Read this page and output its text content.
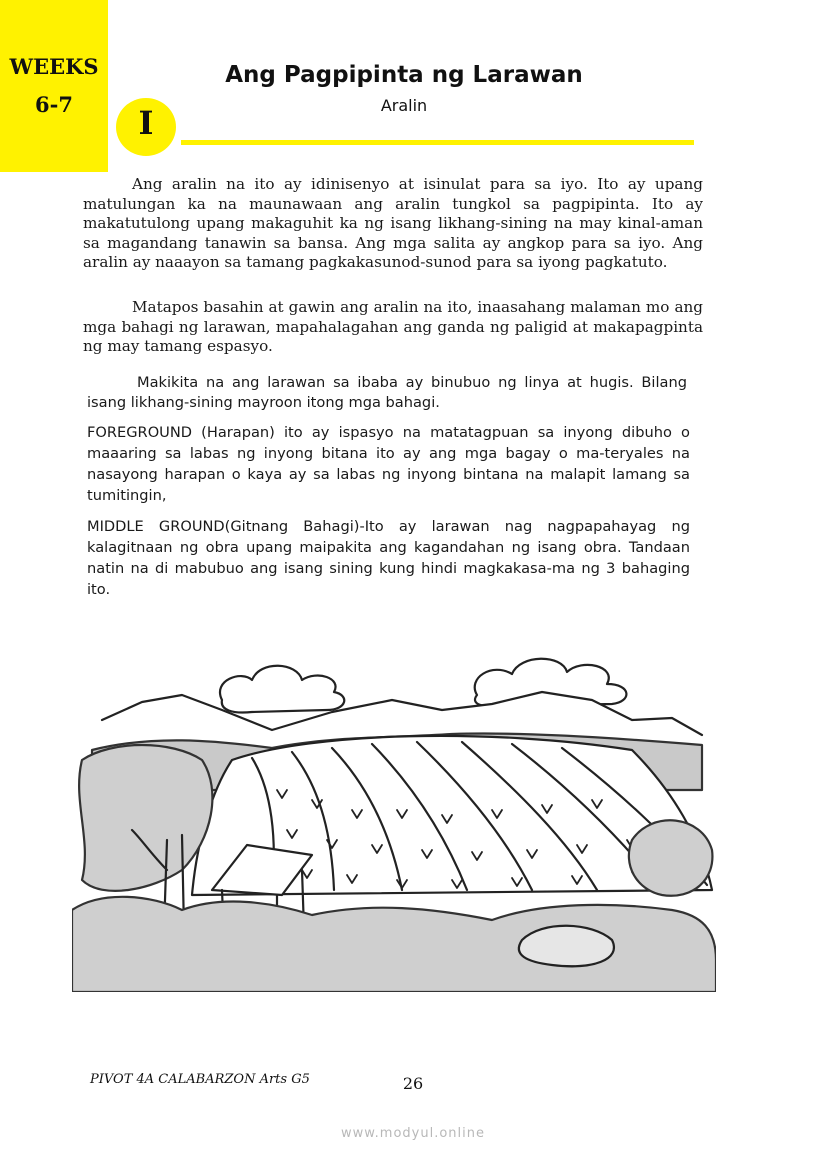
WEEKS
6-7	I
Ang Pagpipinta ng Larawan
Aralin

Ang aralin na ito ay idinisenyo at isinulat para sa iyo. Ito ay upang matulungan ka na maunawaan ang aralin tungkol sa pagpipinta. Ito ay makatutulong upang makaguhit ka ng isang likhang-sining na may kinal-aman sa magandang tanawin sa bansa. Ang mga salita ay angkop para sa iyo. Ang aralin ay naaayon sa tamang pagkakasunod-sunod para sa iyong pagkatuto.

Matapos basahin at gawin ang aralin na ito, inaasahang malaman mo ang mga bahagi ng larawan, mapahalagahan ang ganda ng paligid at makapagpinta ng may tamang espasyo.

Makikita na ang larawan sa ibaba ay binubuo ng linya at hugis. Bilang isang likhang-sining mayroon itong mga bahagi.

FOREGROUND (Harapan) ito ay ispasyo na matatagpuan sa inyong dibuho o maaaring sa labas ng inyong bitana ito ay ang mga bagay o ma-teryales na nasayong harapan o kaya ay sa labas ng inyong bintana na malapit lamang sa tumitingin,

MIDDLE GROUND(Gitnang Bahagi)-Ito ay larawan nag nagpapahayag ng kalagitnaan ng obra upang maipakita ang kagandahan ng isang obra. Tandaan natin na di mabubuo ang isang sining kung hindi magkakasa-ma ng 3 bahaging ito.

PIVOT 4A CALABARZON Arts G5	26
www.modyul.online
